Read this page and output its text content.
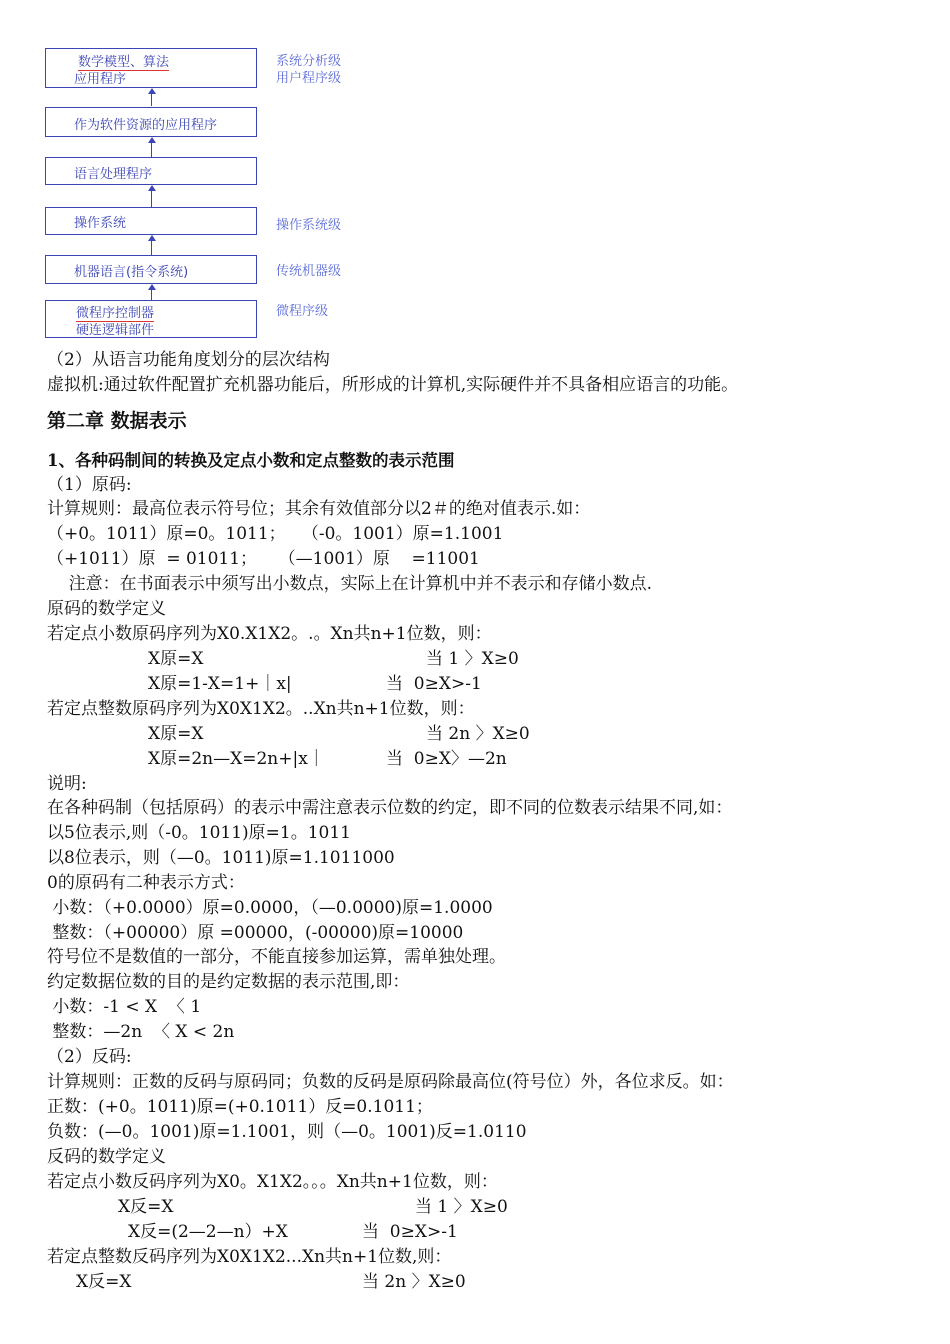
数学模型、算法
应用程序
作为软件资源的应用程序
语言处理程序
操作系统
机器语言(指令系统)
微程序控制器
硬连逻辑部件
系统分析级
用户程序级
操作系统级
传统机器级
微程序级
（2）从语言功能角度划分的层次结构
虚拟机:通过软件配置扩充机器功能后，所形成的计算机,实际硬件并不具备相应语言的功能。
第二章 数据表示
1、各种码制间的转换及定点小数和定点整数的表示范围
（1）原码:
计算规则：最高位表示符号位；其余有效值部分以2＃的绝对值表示.如：
（+0。1011）原=0。1011；   （-0。1001）原=1.1001
（+1011）原  = 01011；    （—1001）原    =11001
注意：在书面表示中须写出小数点，实际上在计算机中并不表示和存储小数点.
原码的数学定义
若定点小数原码序列为X0.X1X2。.。Xn共n+1位数，则：
X原=X	当 1 〉X≥0
X原=1-X=1+｜x|	当  0≥X>-1
若定点整数原码序列为X0X1X2。..Xn共n+1位数，则：
X原=X	当 2n 〉X≥0
X原=2n—X=2n+|x｜	当  0≥X〉—2n
说明:
在各种码制（包括原码）的表示中需注意表示位数的约定，即不同的位数表示结果不同,如：
以5位表示,则（-0。1011)原=1。1011
以8位表示，则（—0。1011)原=1.1011000
0的原码有二种表示方式：
小数：（+0.0000）原=0.0000，（—0.0000)原=1.0000
整数：（+00000）原 =00000，(-00000)原=10000
符号位不是数值的一部分，不能直接参加运算，需单独处理。
约定数据位数的目的是约定数据的表示范围,即：
小数：-1 < X  〈 1
整数：—2n  〈 X < 2n
（2）反码:
计算规则：正数的反码与原码同；负数的反码是原码除最高位(符号位）外，各位求反。如：
正数：(+0。1011)原=(+0.1011）反=0.1011；
负数：(—0。1001)原=1.1001，则（—0。1001)反=1.0110
反码的数学定义
若定点小数反码序列为X0。X1X2。。。Xn共n+1位数，则：
X反=X	当 1 〉X≥0
X反=(2—2—n）+X	当  0≥X>-1
若定点整数反码序列为X0X1X2...Xn共n+1位数,则：
X反=X	当 2n 〉X≥0
